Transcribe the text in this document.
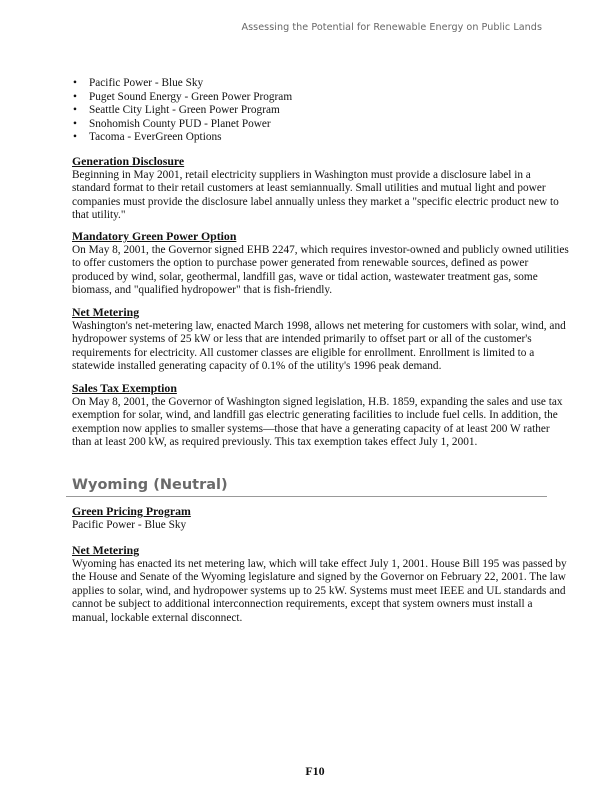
Assessing the Potential for Renewable Energy on Public Lands
• Pacific Power - Blue Sky
• Puget Sound Energy - Green Power Program
• Seattle City Light - Green Power Program
• Snohomish County PUD - Planet Power
• Tacoma - EverGreen Options
Generation Disclosure
Beginning in May 2001, retail electricity suppliers in Washington must provide a disclosure label in a
standard format to their retail customers at least semiannually. Small utilities and mutual light and power
companies must provide the disclosure label annually unless they market a "specific electric product new to
that utility."
Mandatory Green Power Option
On May 8, 2001, the Governor signed EHB 2247, which requires investor-owned and publicly owned utilities
to offer customers the option to purchase power generated from renewable sources, defined as power
produced by wind, solar, geothermal, landfill gas, wave or tidal action, wastewater treatment gas, some
biomass, and "qualified hydropower" that is fish-friendly.
Net Metering
Washington's net-metering law, enacted March 1998, allows net metering for customers with solar, wind, and
hydropower systems of 25 kW or less that are intended primarily to offset part or all of the customer's
requirements for electricity. All customer classes are eligible for enrollment. Enrollment is limited to a
statewide installed generating capacity of 0.1% of the utility's 1996 peak demand.
Sales Tax Exemption
On May 8, 2001, the Governor of Washington signed legislation, H.B. 1859, expanding the sales and use tax
exemption for solar, wind, and landfill gas electric generating facilities to include fuel cells. In addition, the
exemption now applies to smaller systems—those that have a generating capacity of at least 200 W rather
than at least 200 kW, as required previously. This tax exemption takes effect July 1, 2001.
Wyoming (Neutral)
Green Pricing Program
Pacific Power - Blue Sky
Net Metering
Wyoming has enacted its net metering law, which will take effect July 1, 2001. House Bill 195 was passed by
the House and Senate of the Wyoming legislature and signed by the Governor on February 22, 2001. The law
applies to solar, wind, and hydropower systems up to 25 kW. Systems must meet IEEE and UL standards and
cannot be subject to additional interconnection requirements, except that system owners must install a
manual, lockable external disconnect.
F10
